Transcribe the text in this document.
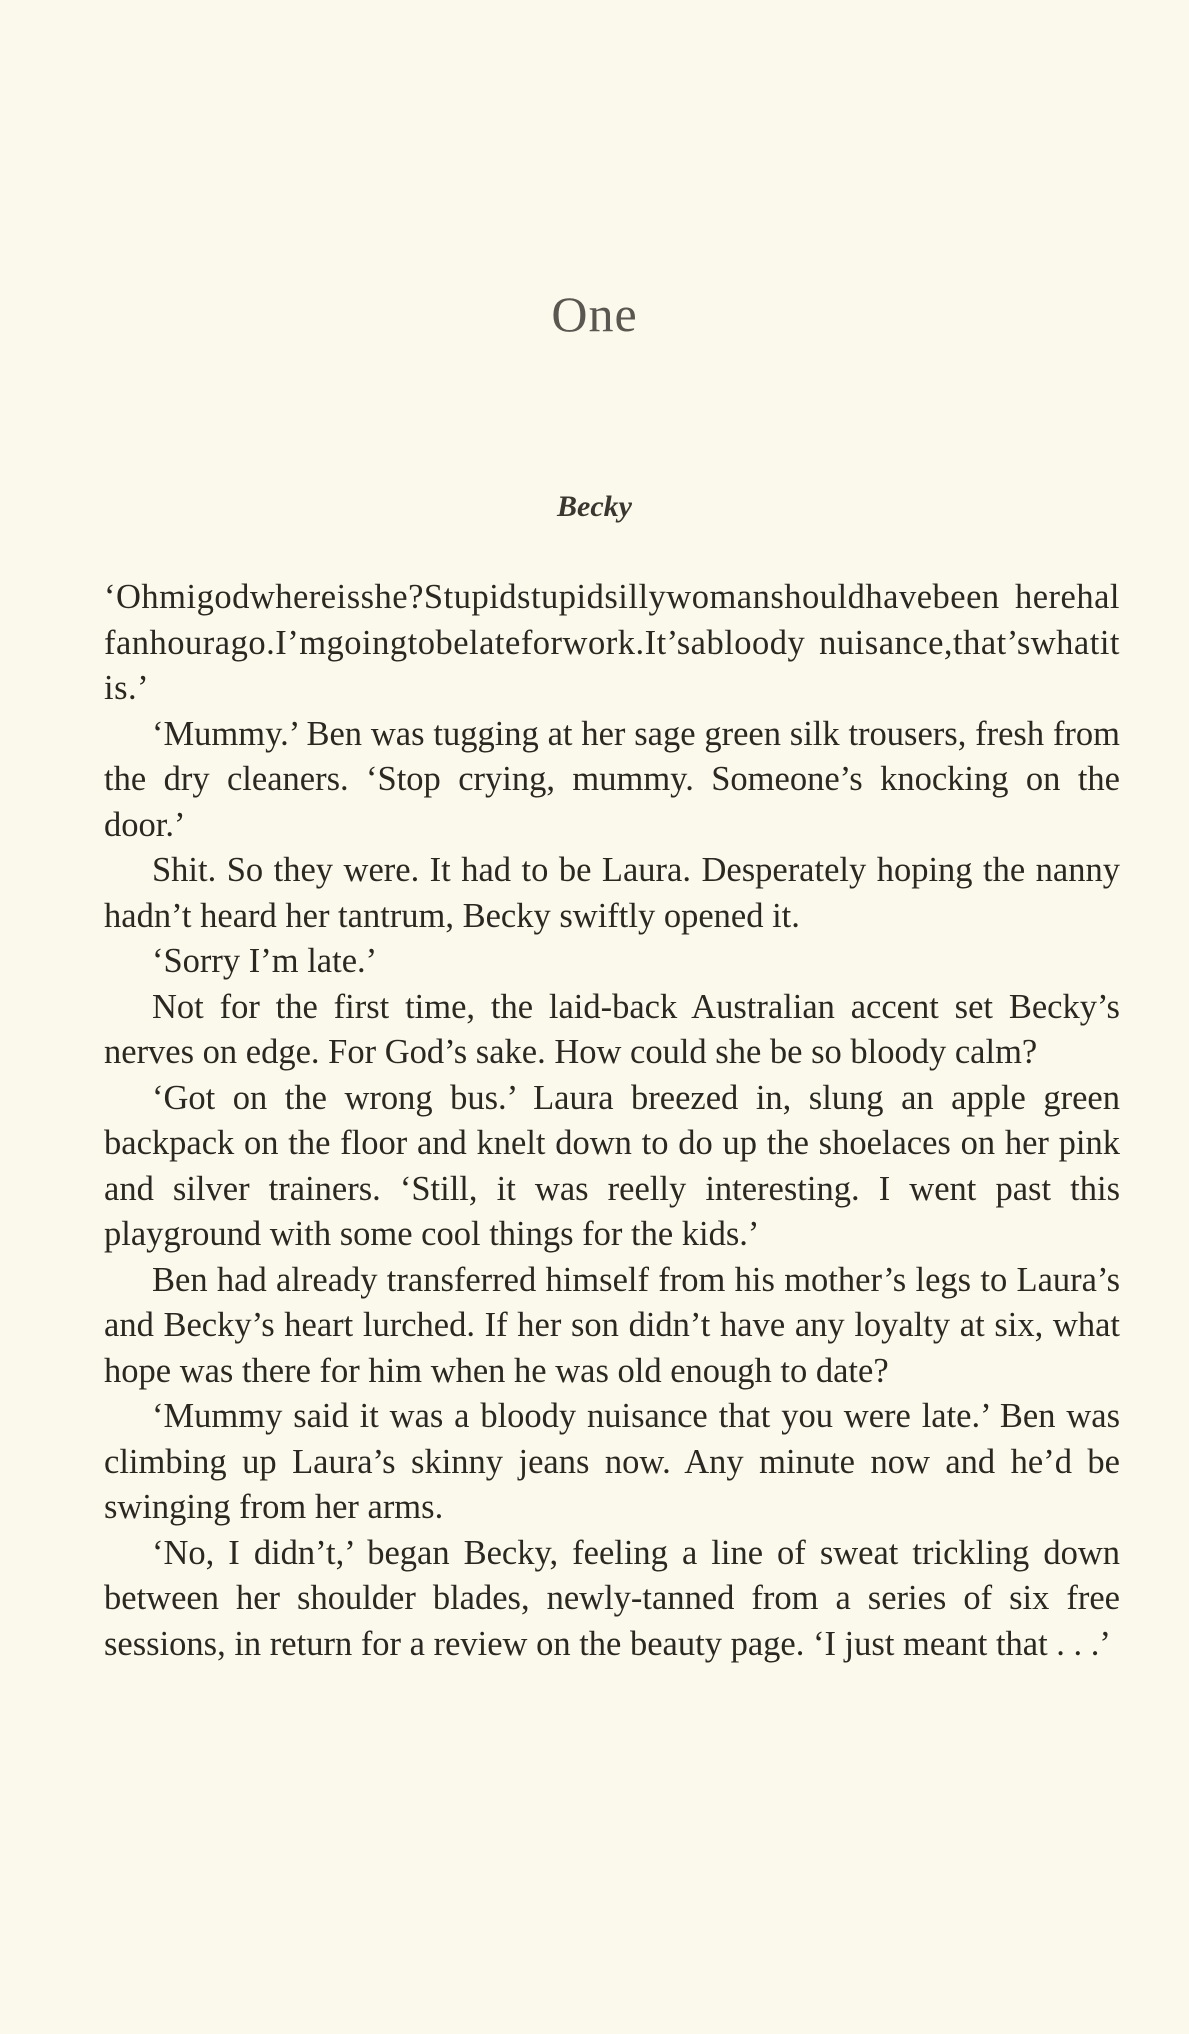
One
Becky

‘Ohmigodwhereisshe?Stupidstupidsillywomanshouldhavebeen herehalfanhourago.I’mgoingtobelateforwork.It’sabloody nuisance,that’swhatitis.’

‘Mummy.’ Ben was tugging at her sage green silk trousers, fresh from the dry cleaners. ‘Stop crying, mummy. Someone’s knocking on the door.’

Shit. So they were. It had to be Laura. Desperately hoping the nanny hadn’t heard her tantrum, Becky swiftly opened it.

‘Sorry I’m late.’

Not for the first time, the laid-back Australian accent set Becky’s nerves on edge. For God’s sake. How could she be so bloody calm?

‘Got on the wrong bus.’ Laura breezed in, slung an apple green backpack on the floor and knelt down to do up the shoelaces on her pink and silver trainers. ‘Still, it was reelly interesting. I went past this playground with some cool things for the kids.’

Ben had already transferred himself from his mother’s legs to Laura’s and Becky’s heart lurched. If her son didn’t have any loyalty at six, what hope was there for him when he was old enough to date?

‘Mummy said it was a bloody nuisance that you were late.’ Ben was climbing up Laura’s skinny jeans now. Any minute now and he’d be swinging from her arms.

‘No, I didn’t,’ began Becky, feeling a line of sweat trickling down between her shoulder blades, newly-tanned from a series of six free sessions, in return for a review on the beauty page. ‘I just meant that . . .’
